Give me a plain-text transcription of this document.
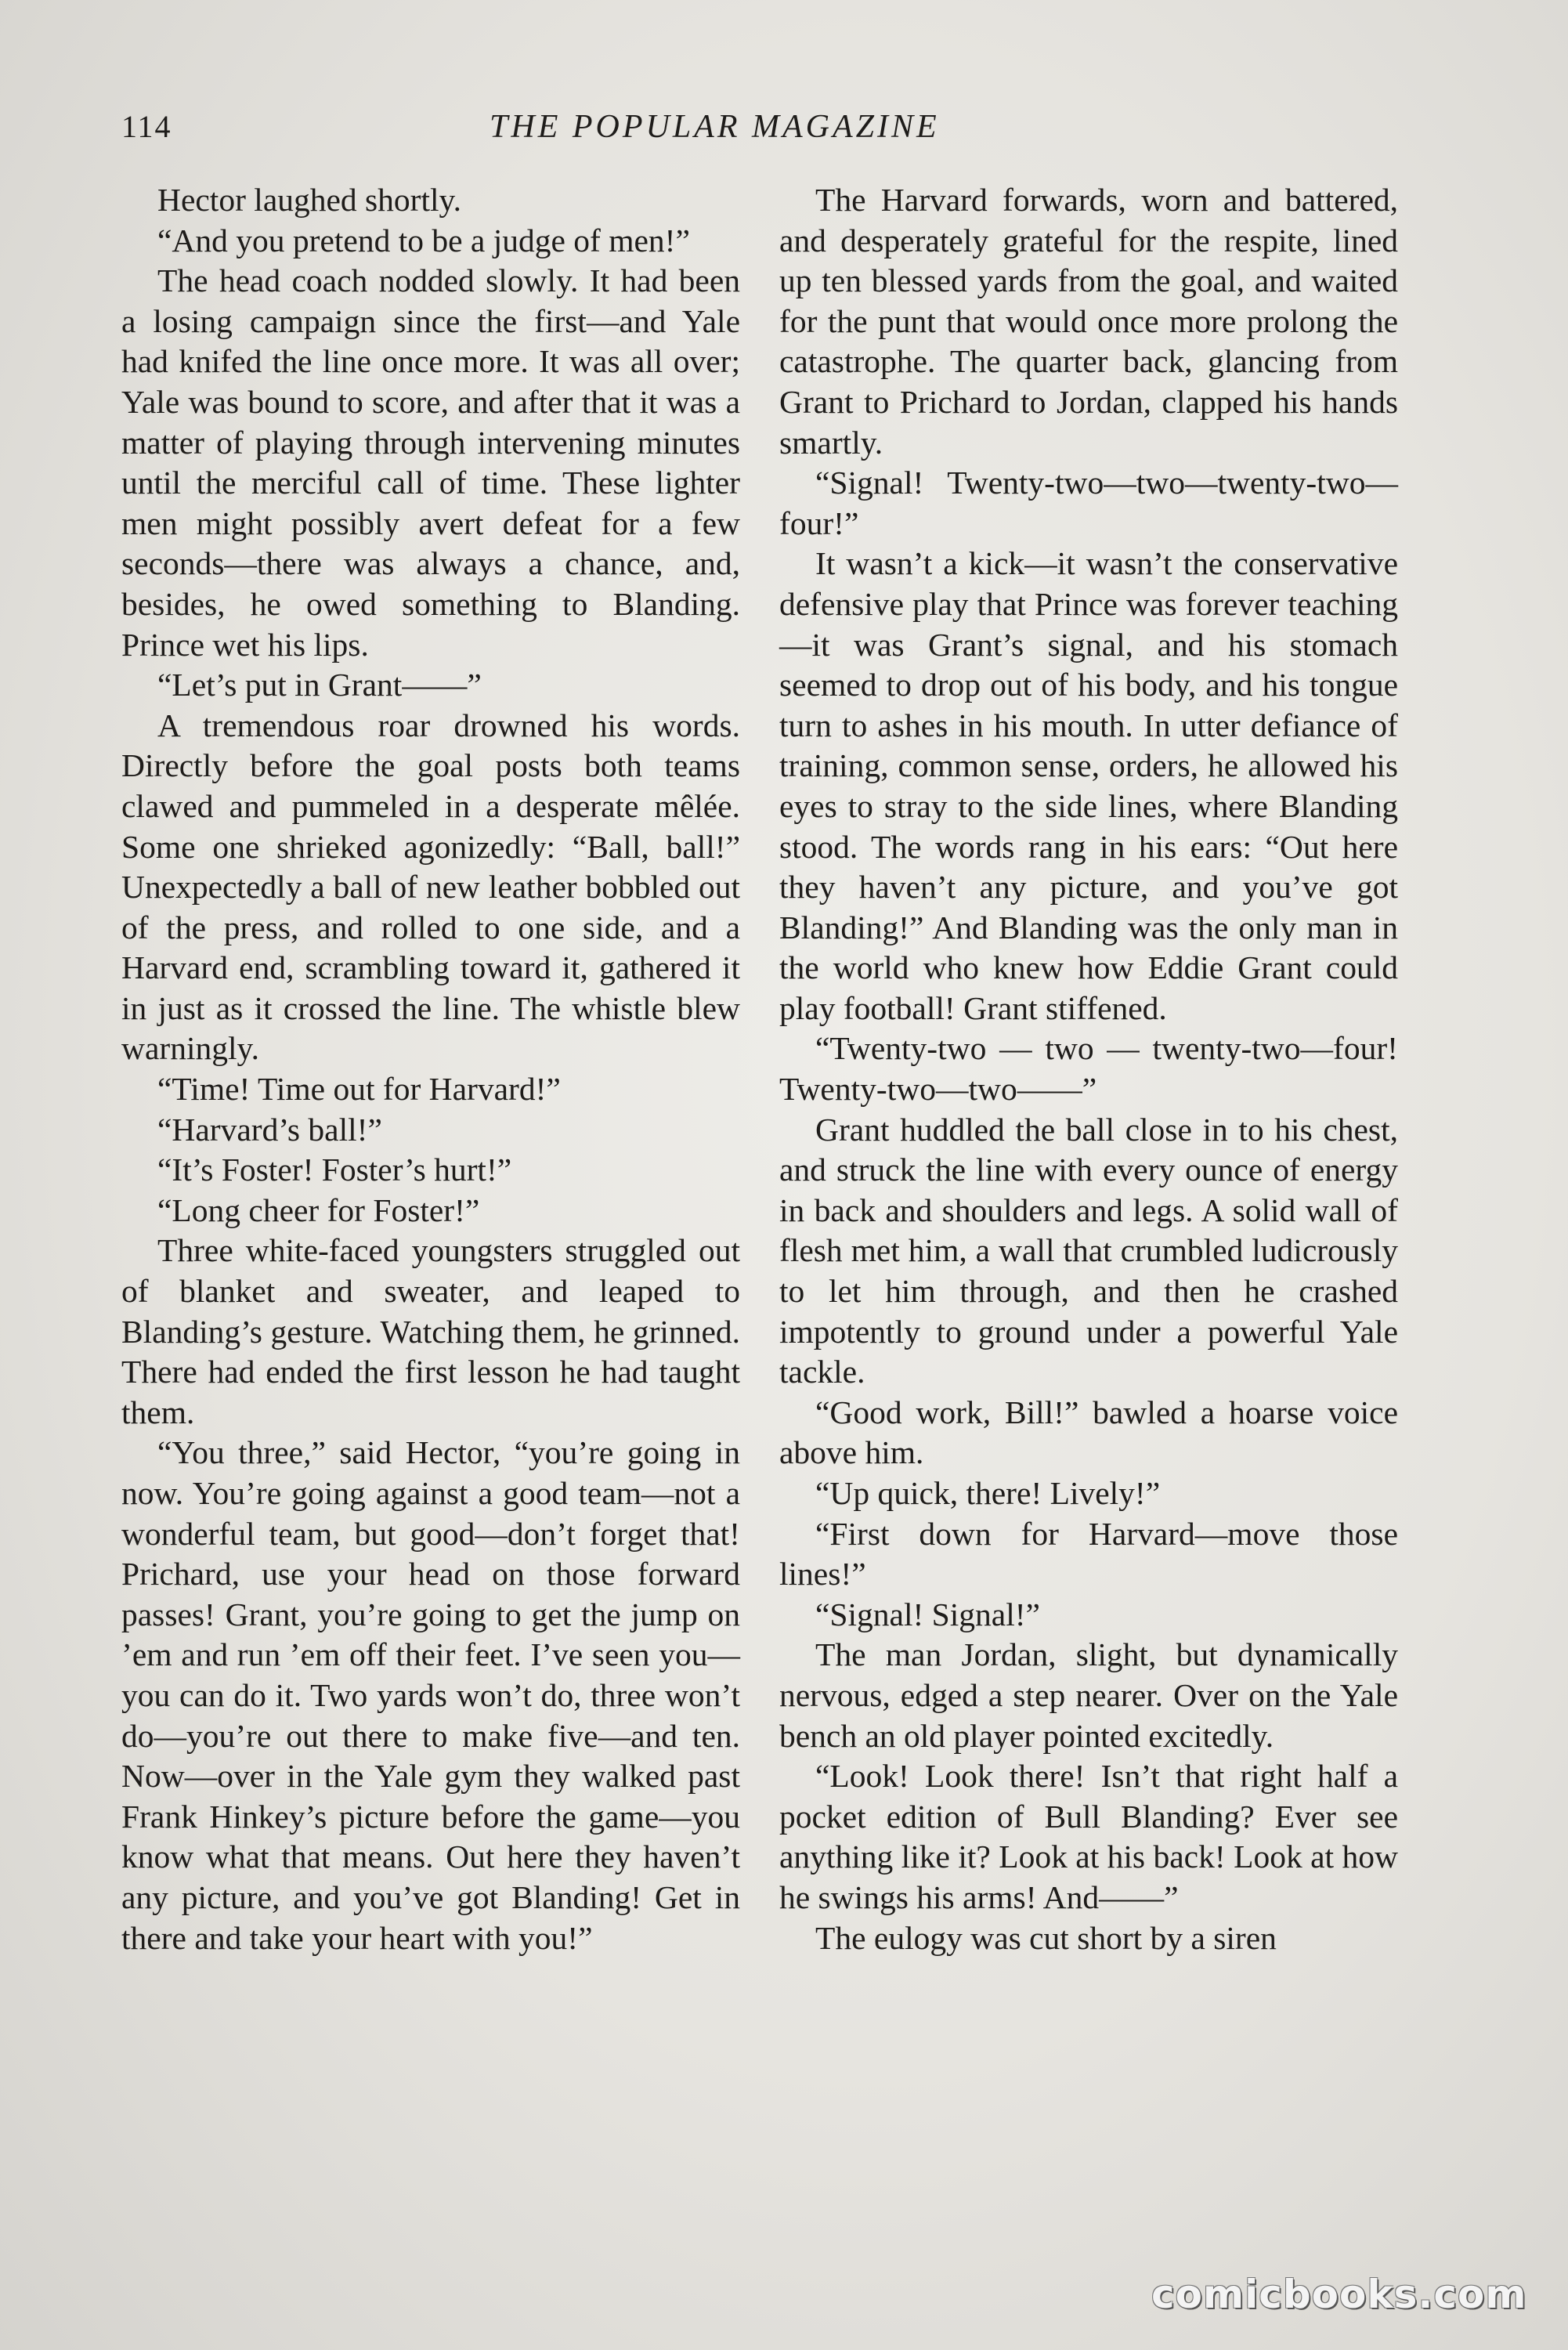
114	THE POPULAR MAGAZINE

Hector laughed shortly.

“And you pretend to be a judge of men!”

The head coach nodded slowly. It had been a losing campaign since the first—and Yale had knifed the line once more. It was all over; Yale was bound to score, and after that it was a matter of playing through intervening minutes until the merciful call of time. These lighter men might possibly avert defeat for a few seconds—there was always a chance, and, besides, he owed something to Blanding. Prince wet his lips.

“Let’s put in Grant——”

A tremendous roar drowned his words. Directly before the goal posts both teams clawed and pummeled in a desperate mêlée. Some one shrieked agonizedly: “Ball, ball!” Unexpectedly a ball of new leather bobbled out of the press, and rolled to one side, and a Harvard end, scrambling toward it, gathered it in just as it crossed the line. The whistle blew warningly.

“Time! Time out for Harvard!”

“Harvard’s ball!”

“It’s Foster! Foster’s hurt!”

“Long cheer for Foster!”

Three white-faced youngsters struggled out of blanket and sweater, and leaped to Blanding’s gesture. Watching them, he grinned. There had ended the first lesson he had taught them.

“You three,” said Hector, “you’re going in now. You’re going against a good team—not a wonderful team, but good—don’t forget that! Prichard, use your head on those forward passes! Grant, you’re going to get the jump on ’em and run ’em off their feet. I’ve seen you—you can do it. Two yards won’t do, three won’t do—you’re out there to make five—and ten. Now—over in the Yale gym they walked past Frank Hinkey’s picture before the game—you know what that means. Out here they haven’t any picture, and you’ve got Blanding! Get in there and take your heart with you!”

The Harvard forwards, worn and battered, and desperately grateful for the respite, lined up ten blessed yards from the goal, and waited for the punt that would once more prolong the catastrophe. The quarter back, glancing from Grant to Prichard to Jordan, clapped his hands smartly.

“Signal! Twenty-two—two—twenty-two—four!”

It wasn’t a kick—it wasn’t the conservative defensive play that Prince was forever teaching—it was Grant’s signal, and his stomach seemed to drop out of his body, and his tongue turn to ashes in his mouth. In utter defiance of training, common sense, orders, he allowed his eyes to stray to the side lines, where Blanding stood. The words rang in his ears: “Out here they haven’t any picture, and you’ve got Blanding!” And Blanding was the only man in the world who knew how Eddie Grant could play football! Grant stiffened.

“Twenty-two — two — twenty-two—four! Twenty-two—two——”

Grant huddled the ball close in to his chest, and struck the line with every ounce of energy in back and shoulders and legs. A solid wall of flesh met him, a wall that crumbled ludicrously to let him through, and then he crashed impotently to ground under a powerful Yale tackle.

“Good work, Bill!” bawled a hoarse voice above him.

“Up quick, there! Lively!”

“First down for Harvard—move those lines!”

“Signal! Signal!”

The man Jordan, slight, but dynamically nervous, edged a step nearer. Over on the Yale bench an old player pointed excitedly.

“Look! Look there! Isn’t that right half a pocket edition of Bull Blanding? Ever see anything like it? Look at his back! Look at how he swings his arms! And——”

The eulogy was cut short by a siren

comicbooks.com
